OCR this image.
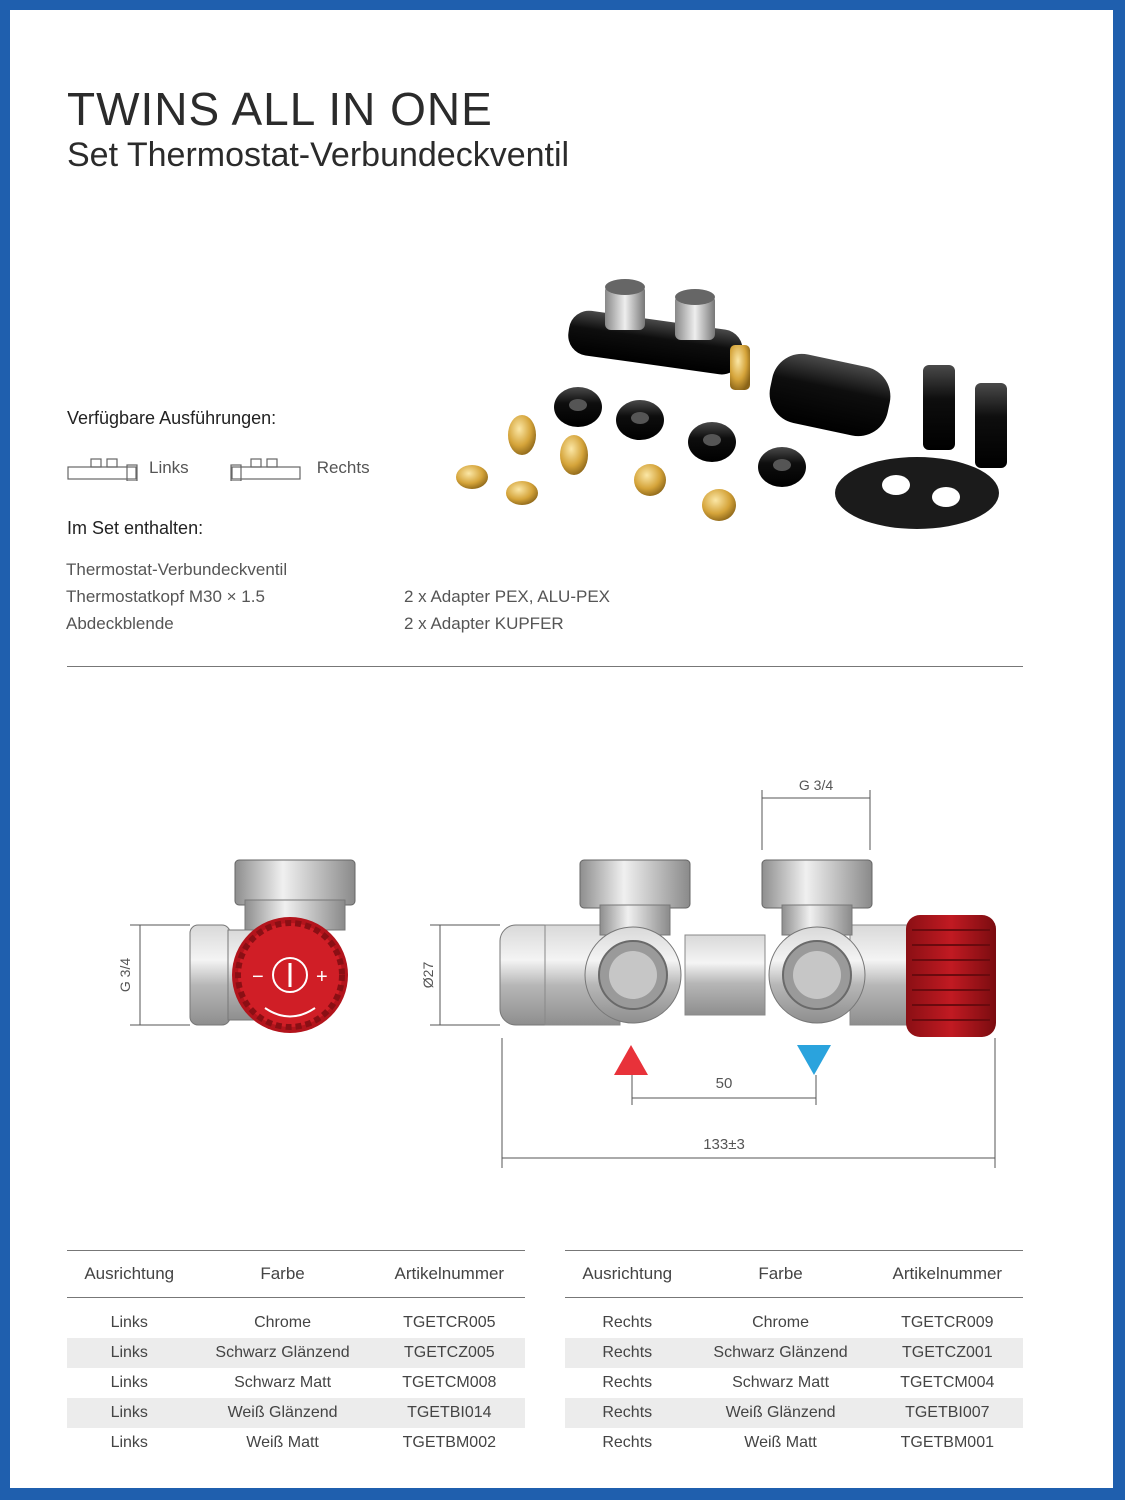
TWINS ALL IN ONE
Set Thermostat-Verbundeckventil
Verfügbare Ausführungen:
Links	Rechts
Im Set enthalten:
Thermostat-Verbundeckventil
Thermostatkopf M30 × 1.5
Abdeckblende
2 x Adapter PEX, ALU-PEX
2 x Adapter KUPFER
G 3/4	−	+	Ø27
G 3/4
50
133±3
Ausrichtung	Farbe	Artikelnummer

Links	Chrome	TGETCR005
Links	Schwarz Glänzend	TGETCZ005
Links	Schwarz Matt	TGETCM008
Links	Weiß Glänzend	TGETBI014
Links	Weiß Matt	TGETBM002
Ausrichtung	Farbe	Artikelnummer

Rechts	Chrome	TGETCR009
Rechts	Schwarz Glänzend	TGETCZ001
Rechts	Schwarz Matt	TGETCM004
Rechts	Weiß Glänzend	TGETBI007
Rechts	Weiß Matt	TGETBM001
